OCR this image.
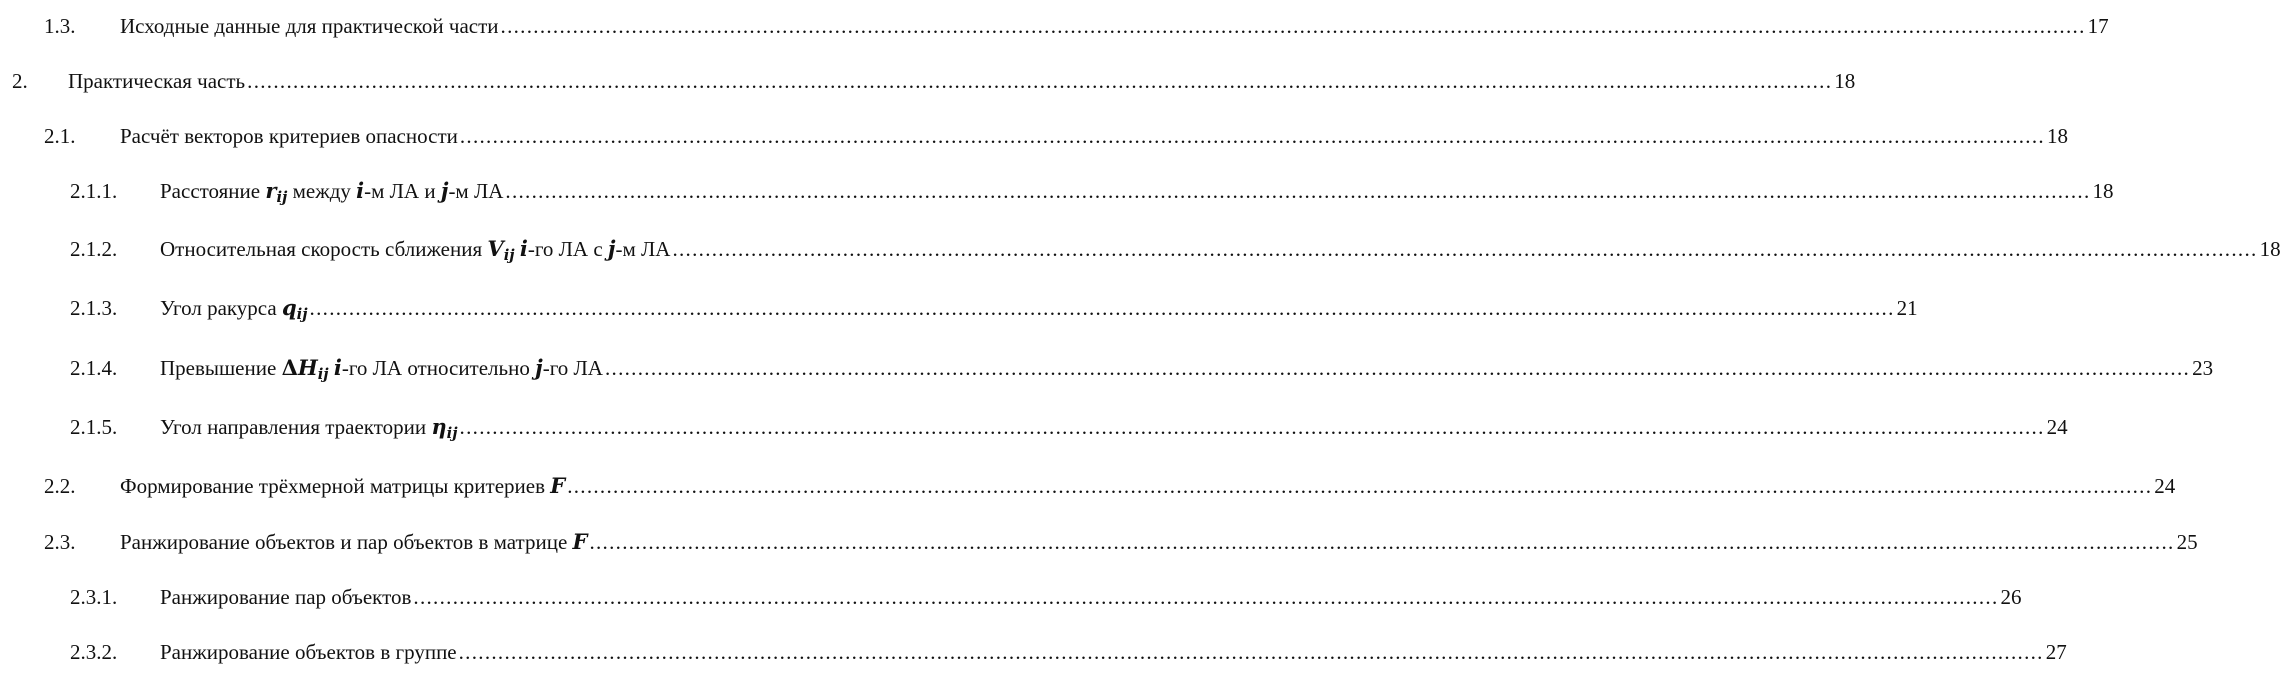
1.3. Исходные данные для практической части .................................................................................................................................................................................................................................................. 17
2. Практическая часть .................................................................................................................................................................................................................................................. 18
2.1. Расчёт векторов критериев опасности .................................................................................................................................................................................................................................................. 18
2.1.1. Расстояние $r_{ij}$ между i-м ЛА и j-м ЛА .................................................................................................................................................................................................................................................. 18
2.1.2. Относительная скорость сближения $V_{ij}$ i-го ЛА с j-м ЛА .................................................................................................................................................................................................................................................. 18
2.1.3. Угол ракурса $q_{ij}$ .................................................................................................................................................................................................................................................. 21
2.1.4. Превышение $\Delta H_{ij}$ i-го ЛА относительно j-го ЛА .................................................................................................................................................................................................................................................. 23
2.1.5. Угол направления траектории $\eta_{ij}$ .................................................................................................................................................................................................................................................. 24
2.2. Формирование трёхмерной матрицы критериев F .................................................................................................................................................................................................................................................. 24
2.3. Ранжирование объектов и пар объектов в матрице F .................................................................................................................................................................................................................................................. 25
2.3.1. Ранжирование пар объектов .................................................................................................................................................................................................................................................. 26
2.3.2. Ранжирование объектов в группе .................................................................................................................................................................................................................................................. 27
